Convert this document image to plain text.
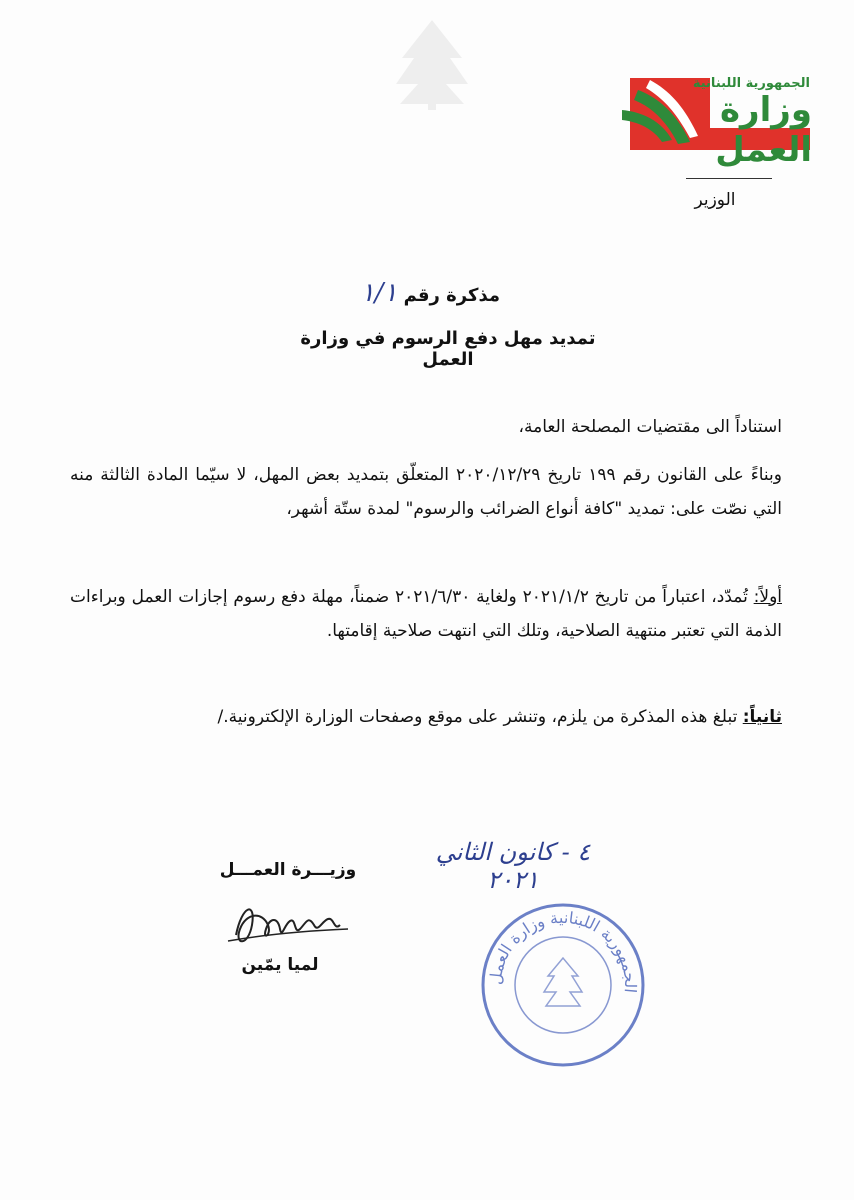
الجمهورية اللبنانية
وزارة العمل
الوزير
مذكرة رقم ١/١
تمديد مهل دفع الرسوم في وزارة العمل
استناداً الى مقتضيات المصلحة العامة،
وبناءً على القانون رقم ١٩٩ تاريخ ٢٠٢٠/١٢/٢٩ المتعلّق بتمديد بعض المهل، لا سيّما المادة الثالثة منه التي نصّت على: تمديد "كافة أنواع الضرائب والرسوم" لمدة ستّة أشهر،
أولاً: تُمدّد، اعتباراً من تاريخ ٢٠٢١/١/٢ ولغاية ٢٠٢١/٦/٣٠ ضمناً، مهلة دفع رسوم إجازات العمل وبراءات الذمة التي تعتبر منتهية الصلاحية، وتلك التي انتهت صلاحية إقامتها.
ثانياً: تبلغ هذه المذكرة من يلزم، وتنشر على موقع وصفحات الوزارة الإلكترونية./
٤ - كانون الثاني ٢٠٢١
وزيـــرة العمـــل
لميا يمّين
الجمهورية اللبنانية وزارة العمل
